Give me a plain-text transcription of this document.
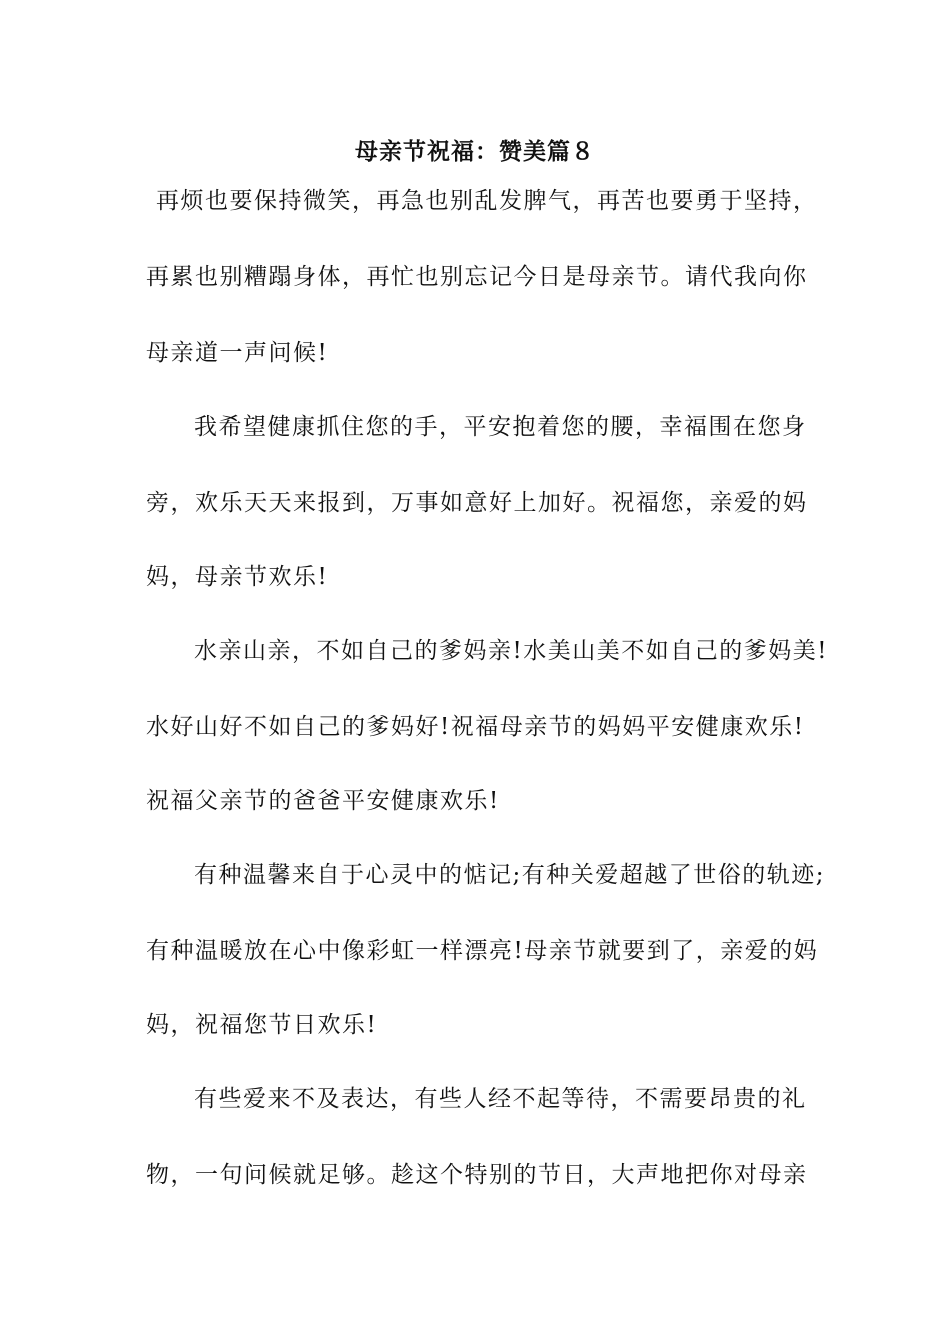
母亲节祝福：赞美篇８
再烦也要保持微笑，再急也别乱发脾气，再苦也要勇于坚持，
再累也别糟蹋身体，再忙也别忘记今日是母亲节。请代我向你
母亲道一声问候!
我希望健康抓住您的手，平安抱着您的腰，幸福围在您身
旁，欢乐天天来报到，万事如意好上加好。祝福您，亲爱的妈
妈，母亲节欢乐!
水亲山亲，不如自己的爹妈亲!水美山美不如自己的爹妈美!
水好山好不如自己的爹妈好!祝福母亲节的妈妈平安健康欢乐!
祝福父亲节的爸爸平安健康欢乐!
有种温馨来自于心灵中的惦记;有种关爱超越了世俗的轨迹;
有种温暖放在心中像彩虹一样漂亮!母亲节就要到了，亲爱的妈
妈，祝福您节日欢乐!
有些爱来不及表达，有些人经不起等待，不需要昂贵的礼
物，一句问候就足够。趁这个特别的节日，大声地把你对母亲
